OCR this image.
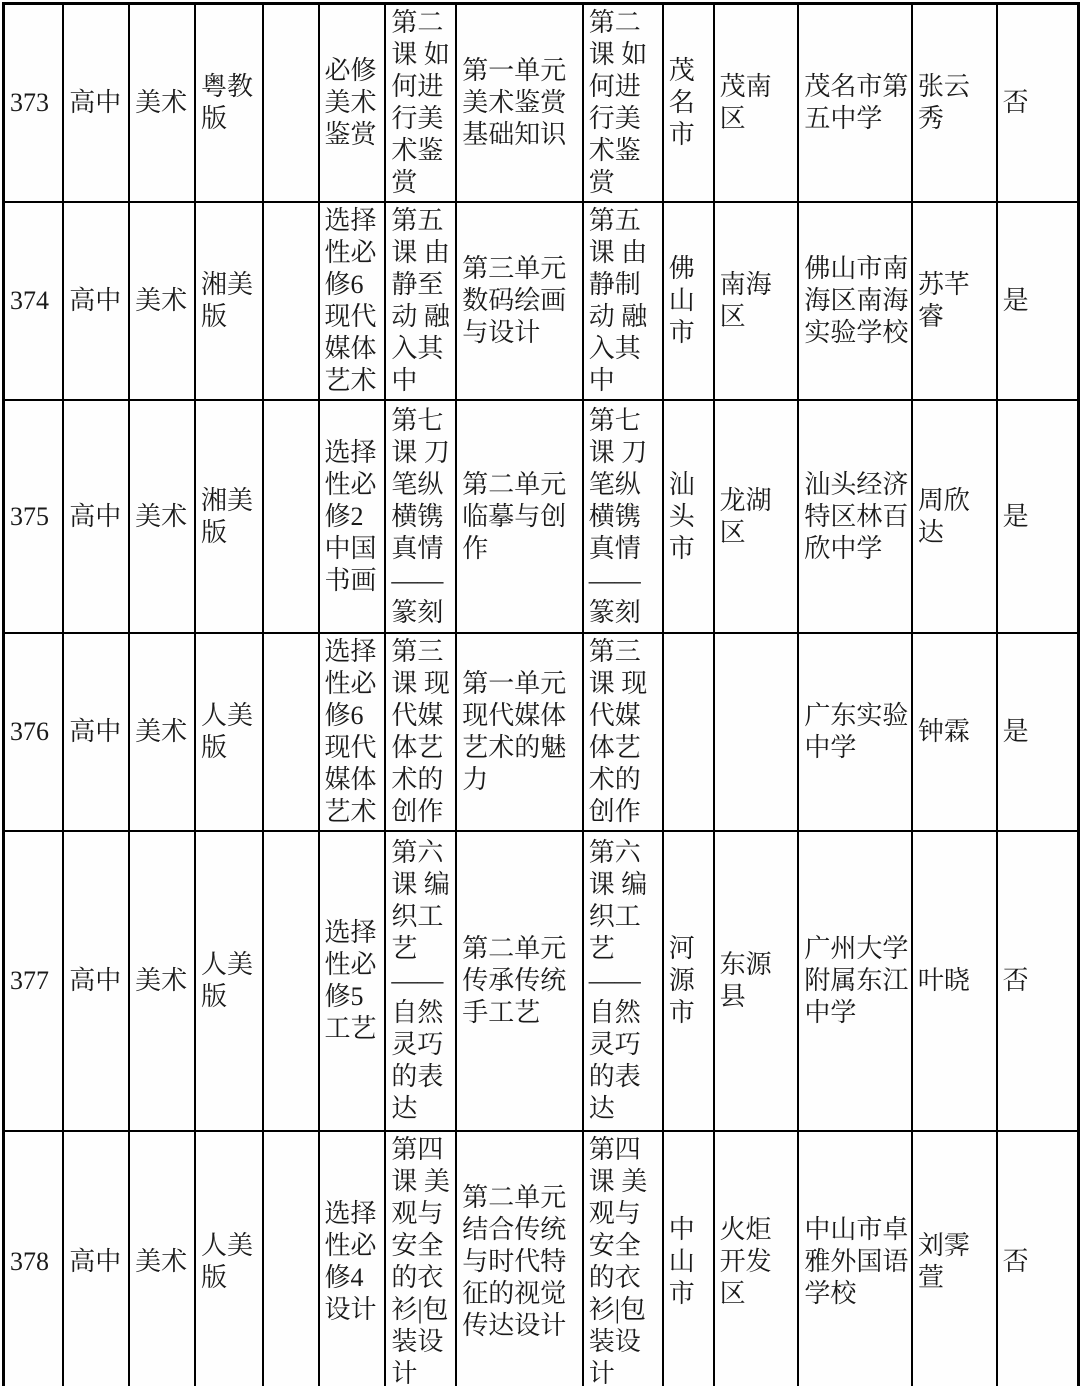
373	高中	美术	粤教版		必修美术鉴赏	第二课 如何进行美术鉴赏	第一单元美术鉴赏基础知识	第二课 如何进行美术鉴赏	茂名市	茂南区	茂名市第五中学	张云秀	否
374	高中	美术	湘美版		选择性必修6现代媒体艺术	第五课 由静至动 融入其中	第三单元数码绘画与设计	第五课 由静制动 融入其中	佛山市	南海区	佛山市南海区南海实验学校	苏芊睿	是
375	高中	美术	湘美版		选择性必修2中国书画	第七课 刀笔纵横镌真情——篆刻	第二单元临摹与创作	第七课 刀笔纵横镌真情——篆刻	汕头市	龙湖区	汕头经济特区林百欣中学	周欣达	是
376	高中	美术	人美版		选择性必修6现代媒体艺术	第三课 现代媒体艺术的创作	第一单元现代媒体艺术的魅力	第三课 现代媒体艺术的创作			广东实验中学	钟霖	是
377	高中	美术	人美版		选择性必修5工艺	第六课 编织工艺——自然灵巧的表达	第二单元传承传统手工艺	第六课 编织工艺——自然灵巧的表达	河源市	东源县	广州大学附属东江中学	叶晓	否
378	高中	美术	人美版		选择性必修4设计	第四课 美观与安全的衣衫|包装设计	第二单元结合传统与时代特征的视觉传达设计	第四课 美观与安全的衣衫|包装设计	中山市	火炬开发区	中山市卓雅外国语学校	刘霁萱	否
